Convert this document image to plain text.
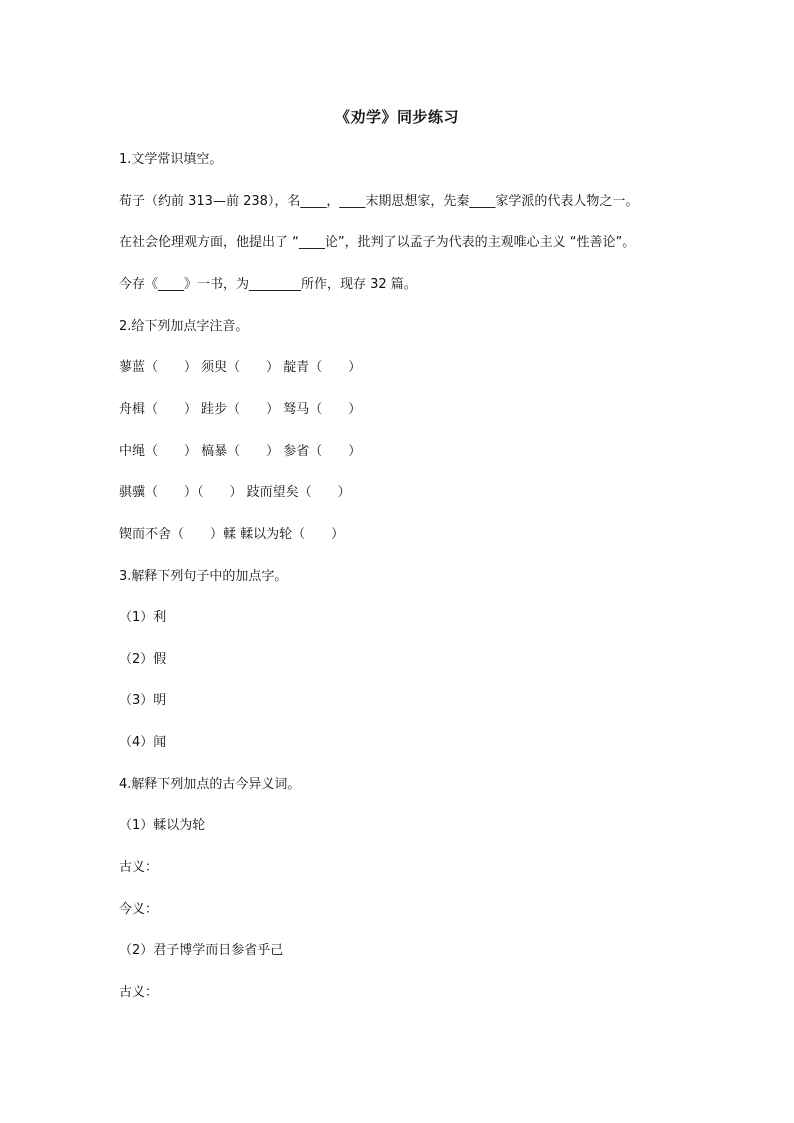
《劝学》同步练习
1.文学常识填空。
荀子（约前 313—前 238），名____，____末期思想家，先秦____家学派的代表人物之一。
在社会伦理观方面，他提出了 “____论”，批判了以孟子为代表的主观唯心主义 “性善论”。
今存《____》一书，为________所作，现存 32 篇。
2.给下列加点字注音。
蓼蓝（　　） 须臾（　　） 靛青（　　）
舟楫（　　） 跬步（　　） 驽马（　　）
中绳（　　） 槁暴（　　） 参省（　　）
骐骥（　　）（　　） 跂而望矣（　　）
锲而不舍（　　）輮 輮以为轮（　　）
3.解释下列句子中的加点字。
（1）利
（2）假
（3）明
（4）闻
4.解释下列加点的古今异义词。
（1）輮以为轮
古义：
今义：
（2）君子博学而日参省乎己
古义：
